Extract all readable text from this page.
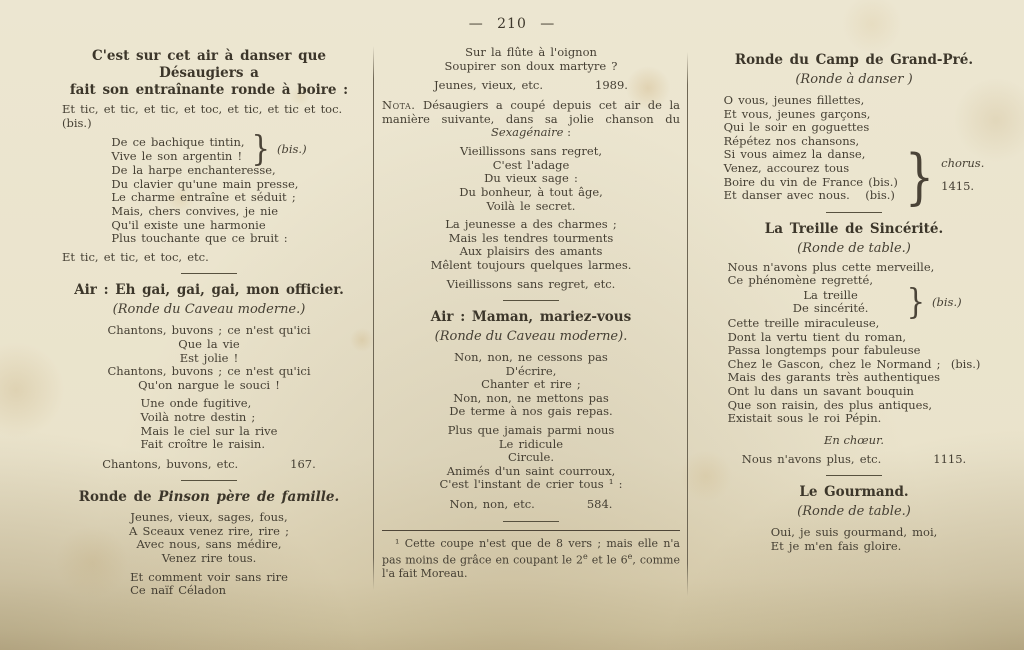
— 210 —
C'est sur cet air à danser que Désaugiers a
fait son entraînante ronde à boire :
Et tic, et tic, et tic, et toc, et tic, et tic et toc. (bis.)
De ce bachique tintin,
Vive le son argentin ! } (bis.)
De la harpe enchanteresse,
Du clavier qu'une main presse,
Le charme entraîne et séduit ;
Mais, chers convives, je nie
Qu'il existe une harmonie
Plus touchante que ce bruit :
Et tic, et tic, et toc, etc.
Air : Eh gai, gai, gai, mon officier.
(Ronde du Caveau moderne.)
Chantons, buvons ; ce n'est qu'ici
Que la vie
Est jolie !
Chantons, buvons ; ce n'est qu'ici
Qu'on nargue le souci !
Une onde fugitive,
Voilà notre destin ;
Mais le ciel sur la rive
Fait croître le raisin.
Chantons, buvons, etc.	167.
Ronde de Pinson père de famille.
Jeunes, vieux, sages, fous,
A Sceaux venez rire, rire ;
Avec nous, sans médire,
Venez rire tous.
Et comment voir sans rire
Ce naïf Céladon
Sur la flûte à l'oignon
Soupirer son doux martyre ?
Jeunes, vieux, etc.	1989.
Nota. Désaugiers a coupé depuis cet air de la manière suivante, dans sa jolie chanson du Sexagénaire :
Vieillissons sans regret,
C'est l'adage
Du vieux sage :
Du bonheur, à tout âge,
Voilà le secret.
La jeunesse a des charmes ;
Mais les tendres tourments
Aux plaisirs des amants
Mêlent toujours quelques larmes.
Vieillissons sans regret, etc.
Air : Maman, mariez-vous
(Ronde du Caveau moderne).
Non, non, ne cessons pas
D'écrire,
Chanter et rire ;
Non, non, ne mettons pas
De terme à nos gais repas.
Plus que jamais parmi nous
Le ridicule
Circule.
Animés d'un saint courroux,
C'est l'instant de crier tous ¹ :
Non, non, etc.	584.
¹ Cette coupe n'est que de 8 vers ; mais elle n'a pas moins de grâce en coupant le 2e et le 6e, comme l'a fait Moreau.
Ronde du Camp de Grand-Pré.
(Ronde à danser )
O vous, jeunes fillettes,
Et vous, jeunes garçons,
Qui le soir en goguettes
Répétez nos chansons,
Si vous aimez la danse,
Venez, accourez tous
Boire du vin de France (bis.)
Et danser avec nous.   (bis.) } chorus.
1415.
La Treille de Sincérité.
(Ronde de table.)
Nous n'avons plus cette merveille,
Ce phénomène regretté,
La treille
De sincérité.	} (bis.)
Cette treille miraculeuse,
Dont la vertu tient du roman,
Passa longtemps pour fabuleuse
Chez le Gascon, chez le Normand ;  (bis.)
Mais des garants très authentiques
Ont lu dans un savant bouquin
Que son raisin, des plus antiques,
Existait sous le roi Pépin.
En chœur.
Nous n'avons plus, etc.	1115.
Le Gourmand.
(Ronde de table.)
Oui, je suis gourmand, moi,
Et je m'en fais gloire.
